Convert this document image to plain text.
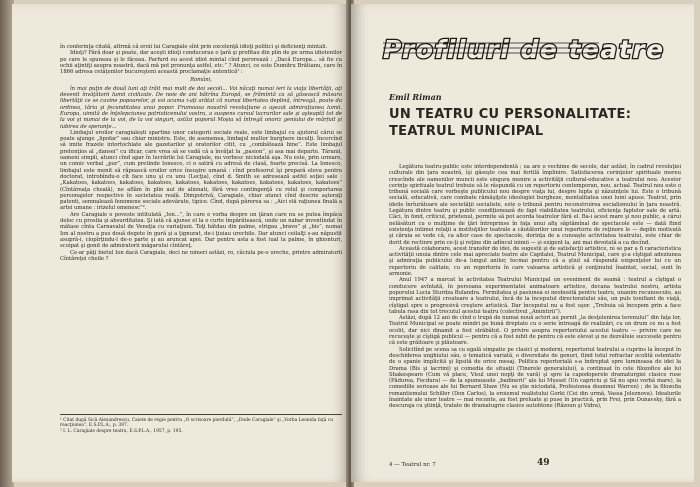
în conferinţa citată, afirmă că eroii lui Caragiale sînt prin excelenţă idioţi politici şi deficienţi mintali.

Idioţi? Fără doar şi poate, dar aceşti idioţi conducerau o ţară şi profitau din plin de pe urma idiotenilor pe care le spuneau şi le făceau. Parfurd eu acest idiot mintal cînd perorează : „Dacă Europa... să fie cu ochii aţintiţi asupra noastră, dacă mă pot pronunţa astfel, etc.” ? Atunci, ce este Dumitru Brătianu, care în 1866 adresa cetăţenilor bucureşteni această proclamaţie antentică¹ :

Români,

în mai puţin de două luni aţi trăit mai mult de doi secoli... Voi năcaţi numai ieri la viaţa libertăţii, aţi devenit învăţătorii lumii civilizate. De noie de ani bătrîna Europă, se frămîntă ca să găsească măsura libertăţii ce se cuvine popoarelor, şi voi acuma i-aţi arătat că numai libertatea deplină, întreagă, poate da ordinea, tăria şi fecunditatea unui popor. Frumoasa noastră revoluţiune a aşezat admiraţiunea lumii. Europa, uimită de înţelepciunea patrioticenului vostru, a suspens cursul lucrurilor sale şi aşteaptă tot de la voi şi numai de la voi, de la voi singuri, astăzi poporul Moşia să întregă onoriz geniului de mărfuit şi iubirea de speranţe...

Limbajul eroilor caragialeşti spartine unor categorii sociale reale, este limbajul cu ajutorul cărui se poate ajunge „lipofar” sau chiar ministru. Este, de asemenea, limbajul multor burghere inculţi. Încercînd să imite frazele intortochiate ale gazetarilor şi oratorilor citit, cu „combătează bine”. Este limbajul pretenţios al „dansei” cu ificar, care vrea să se vadă că a învăţat la „pasion”, şi asa mai departe. Tăranii, oameni simpli, atunci cînd apar în lucrările lui Caragiale, nu vorbesc niciodată aşa. Nu este, prin urmare, un comic verbal „pur”, cum pretinde Ionesco, ci o satiră cu adresă de clasă, foarte precisă. La Ionesco, limbajul este menit să răpească eroilor orice însuşire umană : cînd profesorul îşi prepară eleva pentru doctorat, introbîndu-o cît face unu şi cu unu (Lecţia), cînd d. Smith se adresează astfel soţiei sale : „Kakatoes, kakatoes, kakatoes, kakatoes, kakatoes, kakatoes, kakatoes, kakatoes, kakatoes, kakatoes” (Cîntăreaţa cheală), ne aflăm în plin aul de alienati, fără vreo contingenţă cu rolul şi comportarea personajelor respective în societatea reală. Dimpotrivă, Caragiale, chiar atunci cînd descrie aşteraţi patenti, semnalează fenomene sociale adevărate, tipice. Cînd, după părerea sa : „Aici stă raţiunea finală a artei umane : irizelul omenesc”².

Are Caragiale o poveste intitulată „Ion...”, în care e vorba despre un ţăran care nu se putea împăca deloc cu prostia şi absurditatea. Şi iată că ajunse el la o curte împărătească, unde un nabar inventîndat în mătase cînta Carnavalul de Veneţia cu variaţiuni. Toţi bătdau din palme, strigau „bravo” şi „bis”, numai Ion al nostru a pus două degete în gură şi a ţignurat, de-i ţiuiau urechile. Dar atunci ceilalţi s-au năpustit asupră-i, ciopîrţindu-l de-o parte şi au aruncat apoi. Dar pentru asta a fost iual la palme, în ghionturi, scuipat şi gonit de admiratorii măgarului cîntăreţ.

Ce-ar păţi bietul Ion dacă Caragiale, deci ne nimeri astăzi, ro, căciula pe-o ureche, printre admiratorii Cîntăreţei cheile ?

¹ Citat după Sică Alexandrescu, Caiete de regie pentru „O scrisoare pierdută”, „Dude Caragiale” şi „Vorba Leonida faţă cu reacţiunea”, E.S.P.L.A., p. 387.

² I. L. Caragiale despre teatru, E.S.P.L.A., 1957, p. 195.

Profiluri de teatre
Emil Riman
UN TEATRU CU PERSONALITATE:
TEATRUL MUNICIPAL

Legătura teatru-public este interdependentă ; ea are o vechime de secole, dar astăzi, în cadrul revoluţiei culturale din ţara noastră, îşi găseşte cea mai fertilă împlinire. Satisfacerea cerinţelor spirituale mereu crescînde ale oamenilor muncii este singura menire a activităţii cultural-educative a teatrului nou. Acestor cerinţe spirituale teatrul trebuie să le răspundă cu un repertoriu contemporan, nou, actual. Teatrul nou este o tribună socială care vorbeşte publicului nou despre viaţa lui, despre lupta şi năzuinţele lui. Este o tribună socială, educativă, care combate rămăşiţele ideologiei burgheze, mentalitatea unei lumi apuse. Teatrul, prin ideile înrîurătoare ale societăţii socialiste, este o tribună pentru reconstruirea socialismului în ţara noastră. Legătura dintre teatru şi public condiţionează de fapt viabilitatea teatrului, eficienţa faptelor sale de artă. Căci, în fond, criticul, prietenul, permite să pot acorda teatrelor fără el. Ba-i acest mare şi nou public, a cărui nelăsături cu o mulţime de ţări întreprinse în faţa unui afiş săptămînal de spectacole este — dată fiind existenţa intimei relaţii a instituţiilor teatrale a căutătorilor unui repertoriu de reţinere le — deplin motivată şi căruia se vede că, ca altor case de spectacole, dorinţa de a cunoaşte activitatea teatrului, este chiar de dorit de rectinre prin ce-ţi şi reţine din adîncul inimii — şi exigent la, ani mai devotată a ca decînd.

Această colaborare, acest transfer de idei, de sugestii şi de satisfacţii artistice, ni se par a fi caracteristica activităţii unuia dintre cele mai apreciate teatre ale Capitalei, Teatrul Municipal, care şi-a cîştigat adeziunea şi admiraţia publicului de-a lungul anilor, tocmai pentru că a ştiut să răspundă exigenţelor lui cu un repertoriu de calitate, cu un repertoriu în care valoarea artistică şi conţinutul înaintat, social, sunt în armonie.

Anul 1947 a marcat în activitatea Teatrului Municipal un eveniment de seamă : teatrul a cîştigat o conducere avîntată, în persoana experimentatei animatoare artistice, decana teatrului nostru, artista poporului Lucia Sturdza Bulandra. Fermitatea şi pasiunea ei neobosită pentru teatru, unanim recunoscute, au imprimat activităţii creatoare a teatrului, încă de la începutul directoratului său, un puls tonifiant de viaţă, cîştigat spre o progresivă creştere artistică. Dar începutul nu a fost uşor. „Trebuia să începem prin a face tabula rasa din tot trecutul acestui teatru (colectivul „Amintirii”).

Astăzi, după 12 ani de cînd o trupă de numai nouă actori au pornit „la desţelenirea terenului” din faţa lor, Teatrul Municipal se poate mîndri pe bună dreptate cu o serie întreagă de realizări, cu un drum ce nu a fost ocolit, dar nici dinamit a fost străbătut. O privire asupra repertoriului acestui teatru — privire care ne recuceşte şi cîştigă publicul — pentru că a fost iubit de pentru că este elevat şi ne dezvăluie succesele pentru că este grăitoare şi plăutoare.

Solicitînd pe scena sa cu egală simpatie pe clasici şi moderni, repertoriul teatrului a cuprins la început în deschiderea unghiului său, o tematică variată, o diversitate de genuri, fiind totul refractar ocolită ostentativ de o spanie implicită şi lipsită de orice mesaj. Politica repertorială s-a îndreptat spre luminoasa de idei la Drama (Bis şi lacrimi) şi comedia de situaţii (Tinerele generalului), a continuat în cele filozofice ale lui Shakespeare (Cum vă place, Visul unei nopţi de vară) şi spre la capodoperele dramaturgiei clasice ruse (Pădurea, Fecdura) — de la spumoasele „badinerii” ale lui Musset (Un capriciu şi Să nu spui vorbă mare), la comediile serioase ale lui Bernard Shaw (Nu se ştie niciodată, Profesiunea doamnei Warren) ; de la filozofia romantismului Schiller (Don Carlos), la eroismul realistului Gorki (Cei din urmă, Vassa Jeleznova). Idealurile înaintate ale unor teatre — mai recente, au fost preluate şi puse în practică, prin Frei, prin Dunavsky, fără a descuraja cu ştiinţă, tratate de dramatugrie clasice autohtone (Răzoun şi Vidra),

4 — Teatrul nr. 7	49
